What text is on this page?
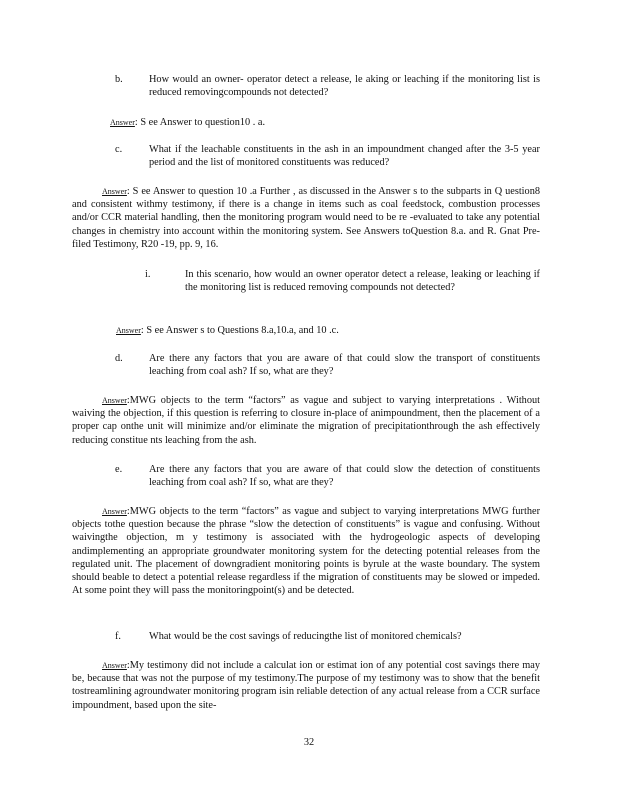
b.	How would an owner- operator detect a release, le aking or leaching if the monitoring list is reduced removingcompounds not detected?
Answer: S ee Answer to question10 . a.
c.	What if the leachable constituents in the ash in an impoundment changed after the 3-5 year period and the list of monitored constituents was reduced?
Answer: S ee Answer to question 10 .a Further , as discussed in the Answer s to the subparts in Q uestion8 and consistent withmy testimony, if there is a change in items such as coal feedstock, combustion processes and/or CCR material handling, then the monitoring program would need to be re -evaluated to take any potential changes in chemistry into account within the monitoring system. See Answers toQuestion 8.a. and R. Gnat Pre- filed Testimony, R20 -19, pp. 9, 16.
i.	In this scenario, how would an owner operator detect a release, leaking or leaching if the monitoring list is reduced removing compounds not detected?
Answer: S ee Answer s to Questions 8.a,10.a, and 10 .c.
d.	Are there any factors that you are aware of that could slow the transport of constituents leaching from coal ash? If so, what are they?
Answer:MWG objects to the term “factors” as vague and subject to varying interpretations . Without waiving the objection, if this question is referring to closure in-place of animpoundment, then the placement of a proper cap onthe unit will minimize and/or eliminate the migration of precipitationthrough the ash effectively reducing constitue nts leaching from the ash.
e.	Are there any factors that you are aware of that could slow the detection of constituents leaching from coal ash? If so, what are they?
Answer:MWG objects to the term “factors” as vague and subject to varying interpretations MWG further objects tothe question because the phrase “slow the detection of constituents” is vague and confusing. Without waivingthe objection, m y testimony is associated with the hydrogeologic aspects of developing andimplementing an appropriate groundwater monitoring system for the detecting potential releases from the regulated unit. The placement of downgradient monitoring points is byrule at the waste boundary. The system should beable to detect a potential release regardless if the migration of constituents may be slowed or impeded. At some point they will pass the monitoringpoint(s) and be detected.
f.	What would be the cost savings of reducingthe list of monitored chemicals?
Answer:My testimony did not include a calculat ion or estimat ion of any potential cost savings there may be, because that was not the purpose of my testimony.The purpose of my testimony was to show that the benefit tostreamlining agroundwater monitoring program isin reliable detection of any actual release from a CCR surface impoundment, based upon the site-
32
